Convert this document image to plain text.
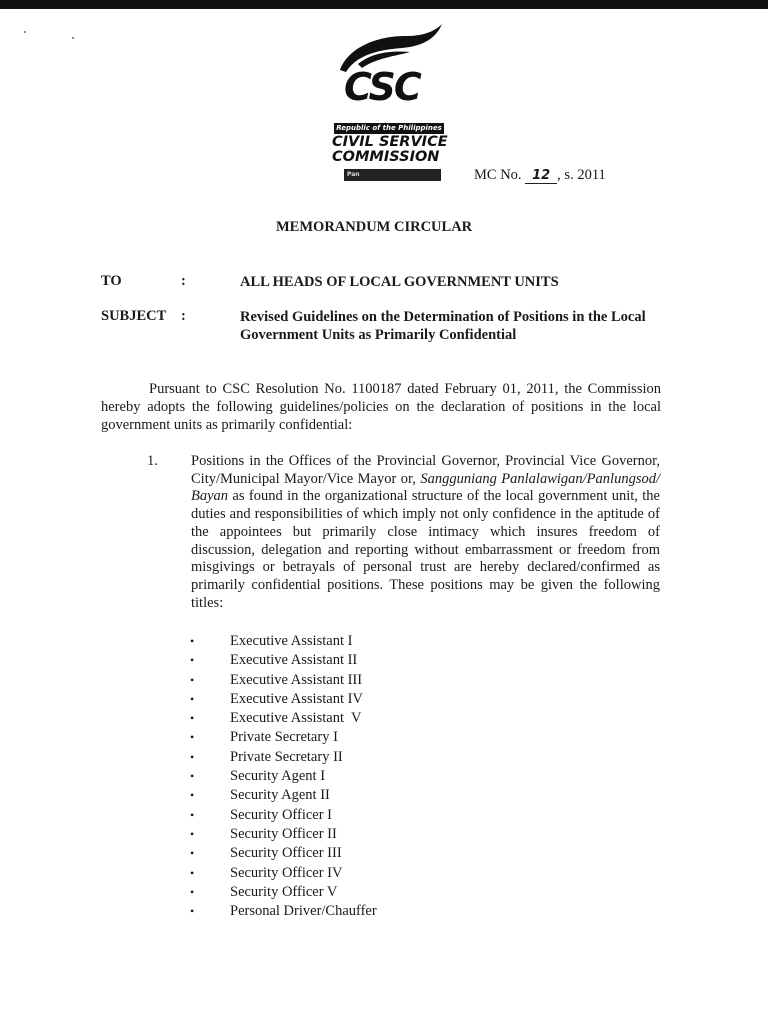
CSC
Republic of the Philippines
CIVIL SERVICE
COMMISSION
Pan	MC No. 12 , s. 2011
MEMORANDUM CIRCULAR
TO	:	ALL HEADS OF LOCAL GOVERNMENT UNITS
SUBJECT :	Revised Guidelines on the Determination of Positions in the Local Government Units as Primarily Confidential
Pursuant to CSC Resolution No. 1100187 dated February 01, 2011, the Commission hereby adopts the following guidelines/policies on the declaration of positions in the local government units as primarily confidential:
1. Positions in the Offices of the Provincial Governor, Provincial Vice Governor, City/Municipal Mayor/Vice Mayor or, Sangguniang Panlalawigan/Panlungsod/ Bayan as found in the organizational structure of the local government unit, the duties and responsibilities of which imply not only confidence in the aptitude of the appointees but primarily close intimacy which insures freedom of discussion, delegation and reporting without embarrassment or freedom from misgivings or betrayals of personal trust are hereby declared/confirmed as primarily confidential positions. These positions may be given the following titles:
• Executive Assistant I
• Executive Assistant II
• Executive Assistant III
• Executive Assistant IV
• Executive Assistant  V
• Private Secretary I
• Private Secretary II
• Security Agent I
• Security Agent II
• Security Officer I
• Security Officer II
• Security Officer III
• Security Officer IV
• Security Officer V
• Personal Driver/Chauffer
